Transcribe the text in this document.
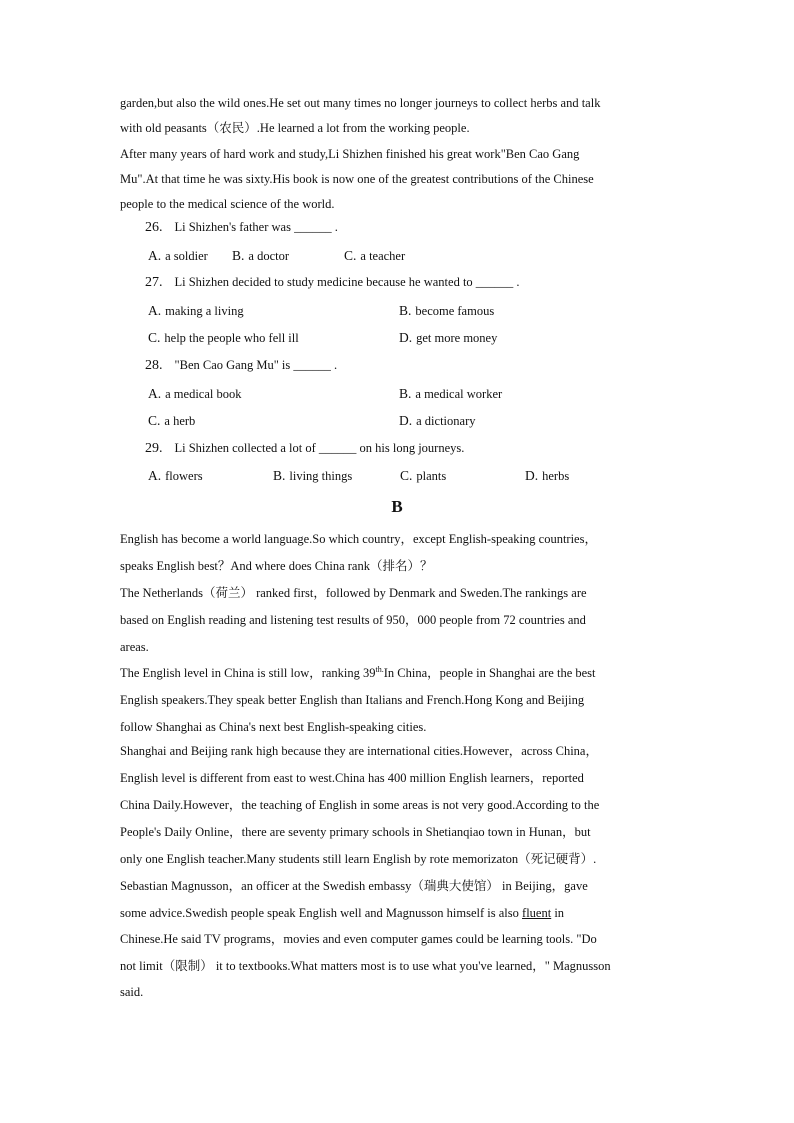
garden,but also the wild ones.He set out many times no longer journeys to collect herbs and talk
with old peasants（农民）.He learned a lot from the working people.

After many years of hard work and study,Li Shizhen finished his great work"Ben Cao Gang
Mu".At that time he was sixty.His book is now one of the greatest contributions of the Chinese
people to the medical science of the world.

26. Li Shizhen's father was ______ .

A. a soldier B. a doctor	C. a teacher

27. Li Shizhen decided to study medicine because he wanted to ______ .

A. making a living	B. become famous
C. help the people who fell ill	D. get more money

28. "Ben Cao Gang Mu" is ______ .

A. a medical book	B. a medical worker
C. a herb	D. a dictionary

29. Li Shizhen collected a lot of ______ on his long journeys.

A. flowers	B. living things	C. plants	D. herbs
B

English has become a world language.So which country，except English-speaking countries，
speaks English best？And where does China rank（排名）？

The Netherlands（荷兰） ranked first，followed by Denmark and Sweden.The rankings are
based on English reading and listening test results of 950，000 people from 72 countries and
areas.

The English level in China is still low，ranking $39^{th.}In$ China，people in Shanghai are the best
English speakers.They speak better English than Italians and French.Hong Kong and Beijing
follow Shanghai as China's next best English-speaking cities.

Shanghai and Beijing rank high because they are international cities.However，across China，
English level is different from east to west.China has 400 million English learners，reported
China Daily.However，the teaching of English in some areas is not very good.According to the
People's Daily Online，there are seventy primary schools in Shetianqiao town in Hunan，but
only one English teacher.Many students still learn English by rote memorizaton（死记硬背）.

Sebastian Magnusson，an officer at the Swedish embassy（瑞典大使馆） in Beijing，gave
some advice.Swedish people speak English well and Magnusson himself is also fluent in
Chinese.He said TV programs，movies and even computer games could be learning tools. "Do
not limit（限制） it to textbooks.What matters most is to use what you've learned，" Magnusson
said.
